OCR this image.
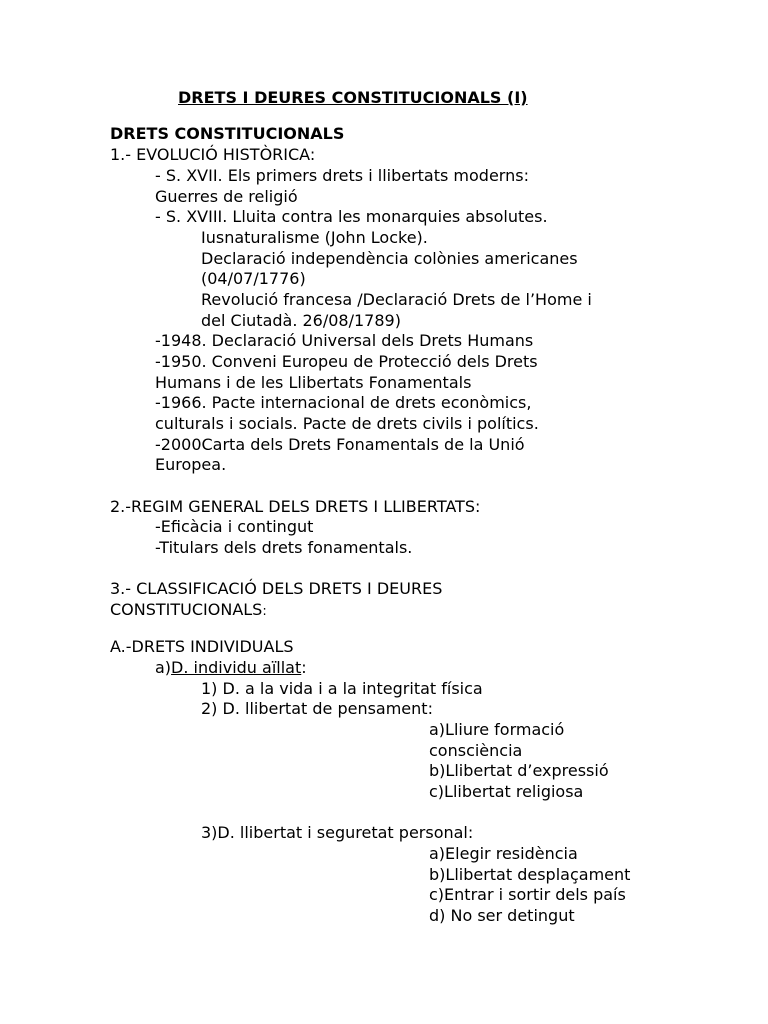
DRETS I DEURES CONSTITUCIONALS (I)
DRETS CONSTITUCIONALS
1.- EVOLUCIÓ HISTÒRICA:
- S. XVII. Els primers drets i llibertats moderns:
Guerres de religió
- S. XVIII. Lluita contra les monarquies absolutes.
Iusnaturalisme (John Locke).
Declaració independència colònies americanes
(04/07/1776)
Revolució francesa /Declaració Drets de l’Home i
del Ciutadà. 26/08/1789)
-1948. Declaració Universal dels Drets Humans
-1950. Conveni Europeu de Protecció dels Drets
Humans i de les Llibertats Fonamentals
-1966. Pacte internacional de drets econòmics,
culturals i socials. Pacte de drets civils i polítics.
-2000Carta dels Drets Fonamentals de la Unió
Europea.
2.-REGIM GENERAL DELS DRETS I LLIBERTATS:
-Eficàcia i contingut
-Titulars dels drets fonamentals.
3.- CLASSIFICACIÓ DELS DRETS I DEURES
CONSTITUCIONALS:
A.-DRETS INDIVIDUALS
a)D. individu aïllat:
1) D. a la vida i a la integritat física
2) D. llibertat de pensament:
a)Lliure formació
consciència
b)Llibertat d’expressió
c)Llibertat religiosa
3)D. llibertat i seguretat personal:
a)Elegir residència
b)Llibertat desplaçament
c)Entrar i sortir dels país
d) No ser detingut
